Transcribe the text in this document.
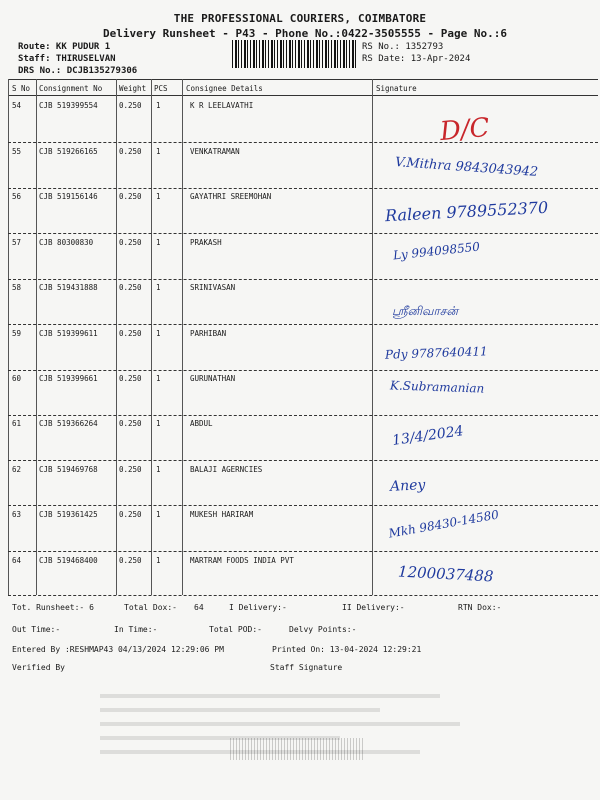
THE PROFESSIONAL COURIERS, COIMBATORE
Delivery Runsheet - P43 - Phone No.:0422-3505555 - Page No.:6
Route: KK PUDUR 1
Staff: THIRUSELVAN
DRS No.: DCJB135279306
RS No.: 1352793
RS Date: 13-Apr-2024
S No Consignment No Weight PCS Consignee Details	Signature
54 CJB 519399554	0.250 1	K R LEELAVATHI
D/C
55 CJB 519266165	0.250 1	VENKATRAMAN
V.Mithra 9843043942
56 CJB 519156146	0.250 1	GAYATHRI SREEMOHAN
Raleen 9789552370
57 CJB 80300830	0.250 1	PRAKASH	Ly 994098550
58 CJB 519431888	0.250 1	SRINIVASAN
ஸ்ரீனிவாசன்
59 CJB 519399611	0.250 1	PARHIBAN
Pdy 9787640411
60 CJB 519399661	0.250 1	GURUNATHAN	K.Subramanian
61 CJB 519366264	0.250 1	ABDUL	13/4/2024
62 CJB 519469768	0.250 1	BALAJI AGERNCIES
Aney
63 CJB 519361425	0.250 1	MUKESH HARIRAM	Mkh 98430-14580
64 CJB 519468400	0.250 1	MARTRAM FOODS INDIA PVT
1200037488
Tot. Runsheet:- 6	Total Dox:- 64	I Delivery:-	II Delivery:-	RTN Dox:-
Out Time:-	In Time:-	Total POD:-	Delvy Points:-
Entered By :RESHMAP43 04/13/2024 12:29:06 PM	Printed On: 13-04-2024 12:29:21
Verified By	Staff Signature
